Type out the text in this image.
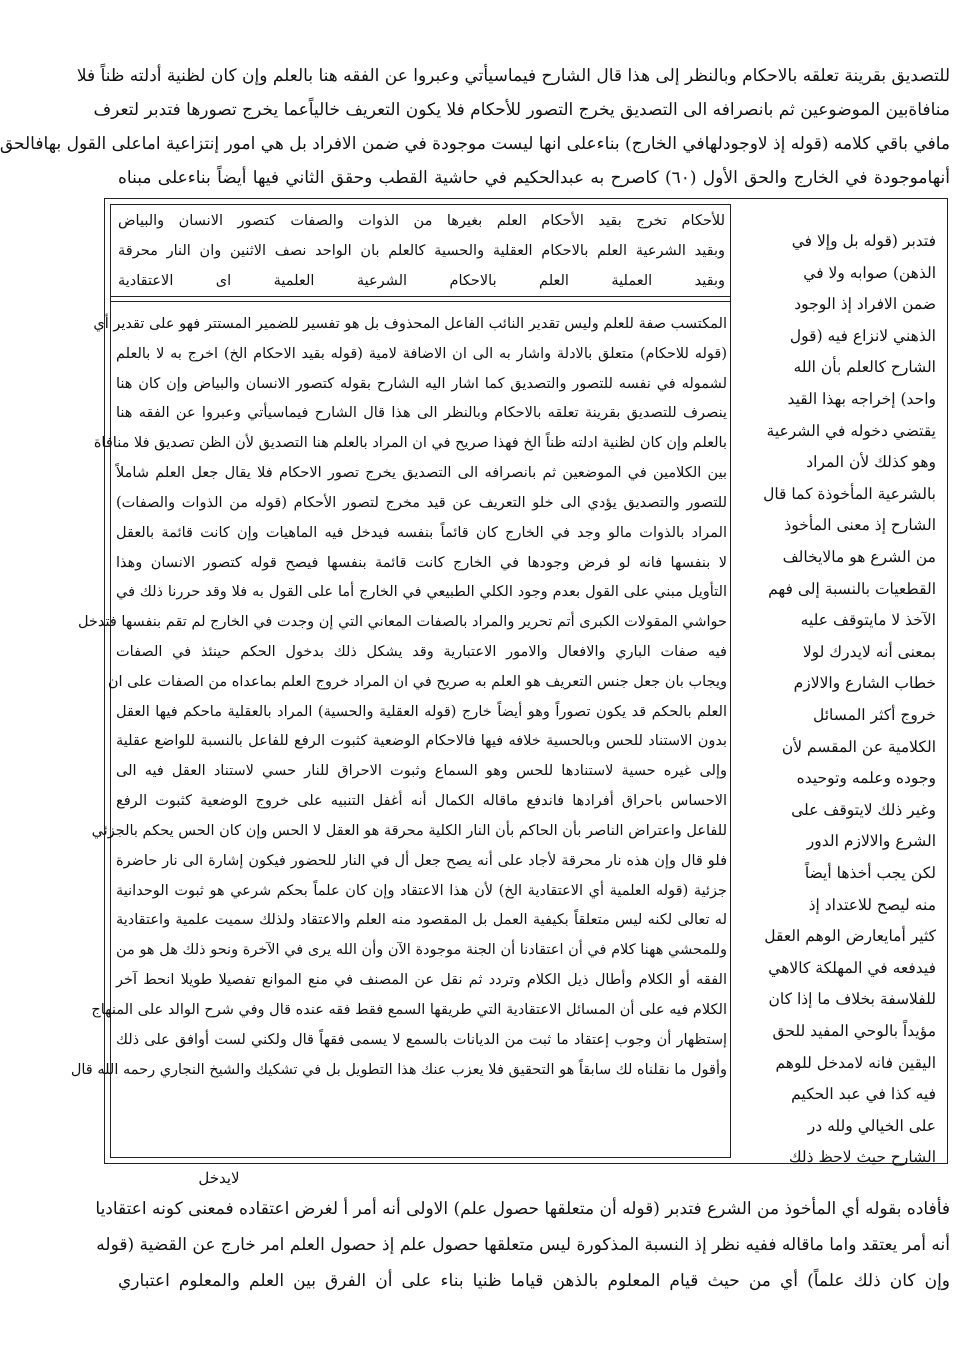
للتصديق بقرينة تعلقه بالاحكام وبالنظر إلى هذا قال الشارح فيماسيأتي وعبروا عن الفقه هنا بالعلم وإن كان لظنية أدلته ظناً فلا
منافاةبين الموضوعين ثم بانصرافه الى التصديق يخرج التصور للأحكام فلا يكون التعريف خالياًعما يخرج تصورها فتدبر لتعرف
مافي باقي كلامه (قوله إذ لاوجودلهافي الخارج) بناءعلى انها ليست موجودة في ضمن الافراد بل هي امور إنتزاعية اماعلى القول بهافالحق
أنهاموجودة في الخارج والحق الأول (٦٠) كاصرح به عبدالحكيم في حاشية القطب وحقق الثاني فيها أيضاً بناءعلى مبناه
فتدبر (قوله بل وإلا في
الذهن) صوابه ولا في
ضمن الافراد إذ الوجود
الذهني لانزاع فيه (قول
الشارح كالعلم بأن الله
واحد) إخراجه بهذا القيد
يقتضي دخوله في الشرعية
وهو كذلك لأن المراد
بالشرعية المأخوذة كما قال
الشارح إذ معنى المأخوذ
من الشرع هو مالايخالف
القطعيات بالنسبة إلى فهم
الآخذ لا مايتوقف عليه
بمعنى أنه لايدرك لولا
خطاب الشارع والالازم
خروج أكثر المسائل
الكلامية عن المقسم لأن
وجوده وعلمه وتوحيده
وغير ذلك لايتوقف على
الشرع والالازم الدور
لكن يجب أخذها أيضاً
منه ليصح للاعتداد إذ
كثير أمايعارض الوهم العقل
فيدفعه في المهلكة كالاهي
للفلاسفة بخلاف ما إذا كان
مؤيداً بالوحي المفيد للحق
اليقين فانه لامدخل للوهم
فيه كذا في عبد الحكيم
على الخيالي ولله در
الشارح حيث لاحظ ذلك
للأحكام تخرج بقيد الأحكام العلم بغيرها من الذوات والصفات كتصور الانسان والبياض
وبقيد الشرعية العلم بالاحكام العقلية والحسية كالعلم بان الواحد نصف الاثنين وان النار محرقة
وبقيد العملية العلم بالاحكام الشرعية العلمية اى الاعتقادية
المكتسب صفة للعلم وليس تقدير النائب الفاعل المحذوف بل هو تفسير للضمير المستتر فهو على تقدير أي
(قوله للاحكام) متعلق بالادلة واشار به الى ان الاضافة لامية (قوله بقيد الاحكام الخ) اخرج به لا بالعلم
لشموله في نفسه للتصور والتصديق كما اشار اليه الشارح بقوله كتصور الانسان والبياض وإن كان هنا
ينصرف للتصديق بقرينة تعلقه بالاحكام وبالنظر الى هذا قال الشارح فيماسيأتي وعبروا عن الفقه هنا
بالعلم وإن كان لظنية ادلته ظناً الخ فهذا صريح في ان المراد بالعلم هنا التصديق لأن الظن تصديق فلا منافاة
بين الكلامين في الموضعين ثم بانصرافه الى التصديق يخرج تصور الاحكام فلا يقال جعل العلم شاملاً
للتصور والتصديق يؤدي الى خلو التعريف عن قيد مخرج لتصور الأحكام (قوله من الذوات والصفات)
المراد بالذوات مالو وجد في الخارج كان قائماً بنفسه فيدخل فيه الماهيات وإن كانت قائمة بالعقل
لا بنفسها فانه لو فرض وجودها في الخارج كانت قائمة بنفسها فيصح قوله كتصور الانسان وهذا
التأويل مبني على القول بعدم وجود الكلي الطبيعي في الخارج أما على القول به فلا وقد حررنا ذلك في
حواشي المقولات الكبرى أتم تحرير والمراد بالصفات المعاني التي إن وجدت في الخارج لم تقم بنفسها فتدخل
فيه صفات الباري والافعال والامور الاعتبارية وقد يشكل ذلك بدخول الحكم حينئذ في الصفات
ويجاب بان جعل جنس التعريف هو العلم به صريح في ان المراد خروج العلم بماعداه من الصفات على ان
العلم بالحكم قد يكون تصوراً وهو أيضاً خارج (قوله العقلية والحسية) المراد بالعقلية ماحكم فيها العقل
بدون الاستناد للحس وبالحسية خلافه فيها فالاحكام الوضعية كثبوت الرفع للفاعل بالنسبة للواضع عقلية
وإلى غيره حسية لاستنادها للحس وهو السماع وثبوت الاحراق للنار حسي لاستناد العقل فيه الى
الاحساس باحراق أفرادها فاندفع ماقاله الكمال أنه أغفل التنبيه على خروج الوضعية كثبوت الرفع
للفاعل واعتراض الناصر بأن الحاكم بأن النار الكلية محرقة هو العقل لا الحس وإن كان الحس يحكم بالجزئي
فلو قال وإن هذه نار محرقة لأجاد على أنه يصح جعل أل في النار للحضور فيكون إشارة الى نار حاضرة
جزئية (قوله العلمية أي الاعتقادية الخ) لأن هذا الاعتقاد وإن كان علماً بحكم شرعي هو ثبوت الوحدانية
له تعالى لكنه ليس متعلقاً بكيفية العمل بل المقصود منه العلم والاعتقاد ولذلك سميت علمية واعتقادية
وللمحشي ههنا كلام في أن اعتقادنا أن الجنة موجودة الآن وأن الله يرى في الآخرة ونحو ذلك هل هو من
الفقه أو الكلام وأطال ذيل الكلام وتردد ثم نقل عن المصنف في منع الموانع تفصيلا طويلا انحط آخر
الكلام فيه على أن المسائل الاعتقادية التي طريقها السمع فقط فقه عنده قال وفي شرح الوالد على المنهاج
إستظهار أن وجوب إعتقاد ما ثبت من الديانات بالسمع لا يسمى فقهاً قال ولكني لست أوافق على ذلك
وأقول ما نقلناه لك سابقاً هو التحقيق فلا يعزب عنك هذا التطويل بل في تشكيك والشيخ النجاري رحمه الله قال
لايدخل
فأفاده بقوله أي المأخوذ من الشرع فتدبر (قوله أن متعلقها حصول علم) الاولى أنه أمر أ لغرض اعتقاده فمعنى كونه اعتقاديا
أنه أمر يعتقد واما ماقاله ففيه نظر إذ النسبة المذكورة ليس متعلقها حصول علم إذ حصول العلم امر خارج عن القضية (قوله
وإن كان ذلك علماً) أي من حيث قيام المعلوم بالذهن قياما ظنيا بناء على أن الفرق بين العلم والمعلوم اعتباري
